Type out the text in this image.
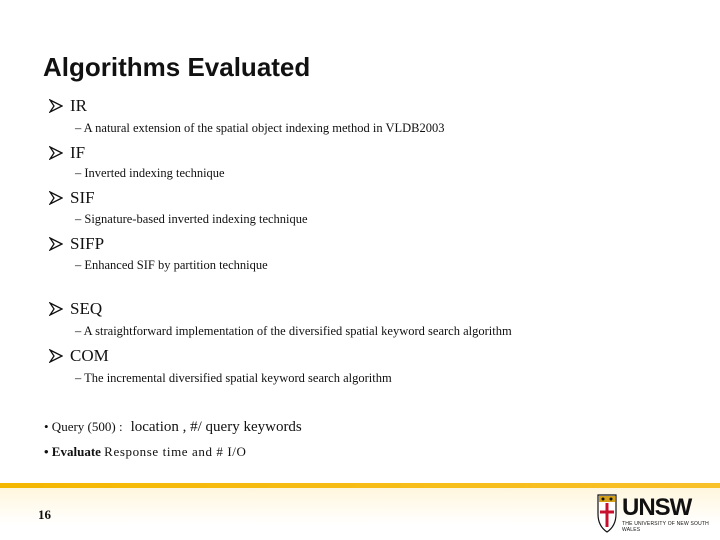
Algorithms Evaluated
IR
– A natural extension of the spatial object indexing method in VLDB2003
IF
– Inverted indexing technique
SIF
– Signature-based inverted indexing technique
SIFP
– Enhanced SIF by partition technique
SEQ
– A straightforward implementation of the diversified spatial keyword search algorithm
COM
– The incremental diversified spatial keyword search algorithm
• Query (500) : location , #/ query keywords
• Evaluate Response time and # I/O
16	UNSW
THE UNIVERSITY OF NEW SOUTH WALES
